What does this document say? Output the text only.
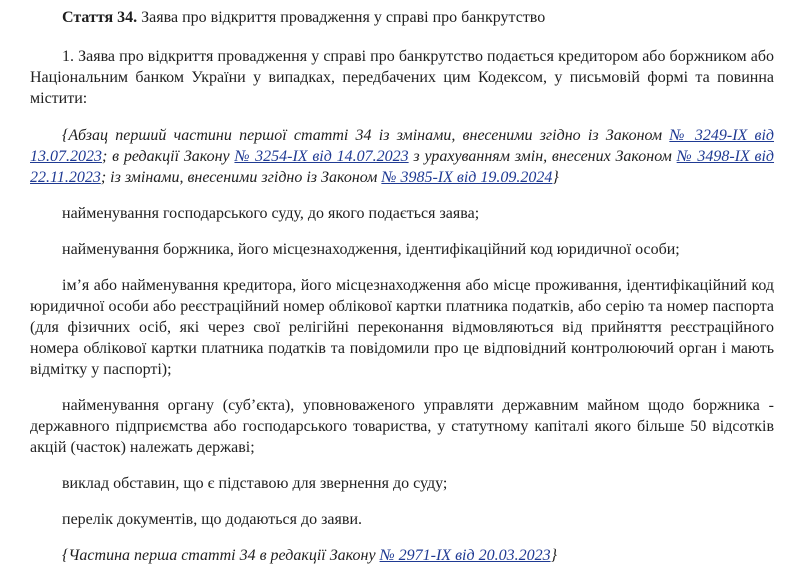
Стаття 34. Заява про відкриття провадження у справі про банкрутство

1. Заява про відкриття провадження у справі про банкрутство подається кредитором або боржником або Національним банком України у випадках, передбачених цим Кодексом, у письмовій формі та повинна містити:

{Абзац перший частини першої статті 34 із змінами, внесеними згідно із Законом № 3249-IX від 13.07.2023; в редакції Закону № 3254-IX від 14.07.2023 з урахуванням змін, внесених Законом № 3498-IX від 22.11.2023; із змінами, внесеними згідно із Законом № 3985-IX від 19.09.2024}

найменування господарського суду, до якого подається заява;

найменування боржника, його місцезнаходження, ідентифікаційний код юридичної особи;

ім’я або найменування кредитора, його місцезнаходження або місце проживання, ідентифікаційний код юридичної особи або реєстраційний номер облікової картки платника податків, або серію та номер паспорта (для фізичних осіб, які через свої релігійні переконання відмовляються від прийняття реєстраційного номера облікової картки платника податків та повідомили про це відповідний контролюючий орган і мають відмітку у паспорті);

найменування органу (суб’єкта), уповноваженого управляти державним майном щодо боржника - державного підприємства або господарського товариства, у статутному капіталі якого більше 50 відсотків акцій (часток) належать державі;

виклад обставин, що є підставою для звернення до суду;

перелік документів, що додаються до заяви.

{Частина перша статті 34 в редакції Закону № 2971-IX від 20.03.2023}
